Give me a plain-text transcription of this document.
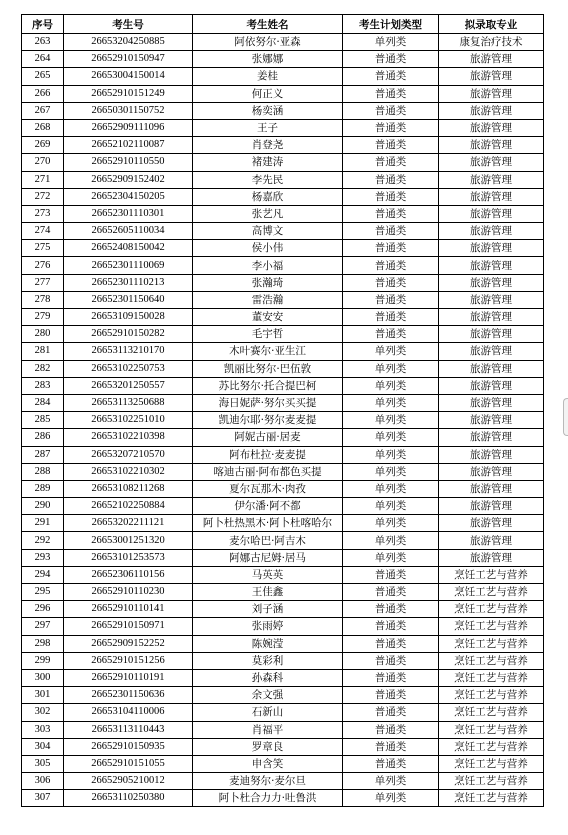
序号	考生号	考生姓名	考生计划类型	拟录取专业
263	26653204250885	阿依努尔·亚森	单列类	康复治疗技术
264	26652910150947	张娜娜	普通类	旅游管理
265	26653004150014	姜桂	普通类	旅游管理
266	26652910151249	何正义	普通类	旅游管理
267	26650301150752	杨奕涵	普通类	旅游管理
268	26652909111096	王子	普通类	旅游管理
269	26652102110087	肖登尧	普通类	旅游管理
270	26652910110550	褚建涛	普通类	旅游管理
271	26652909152402	李先民	普通类	旅游管理
272	26652304150205	杨嘉欣	普通类	旅游管理
273	26652301110301	张艺凡	普通类	旅游管理
274	26652605110034	高博文	普通类	旅游管理
275	26652408150042	侯小伟	普通类	旅游管理
276	26652301110069	李小福	普通类	旅游管理
277	26652301110213	张瀚琦	普通类	旅游管理
278	26652301150640	雷浩瀚	普通类	旅游管理
279	26653109150028	董安安	普通类	旅游管理
280	26652910150282	毛宇哲	普通类	旅游管理
281	26653113210170	木叶赛尔·亚生江	单列类	旅游管理
282	26653102250753	凯丽比努尔·巴伍敦	单列类	旅游管理
283	26653201250557	苏比努尔·托合提巴柯	单列类	旅游管理
284	26653113250688	海日妮萨·努尔买买提	单列类	旅游管理
285	26653102251010	凯迪尔耶·努尔麦麦提	单列类	旅游管理
286	26653102210398	阿妮古丽·居麦	单列类	旅游管理
287	26653207210570	阿布杜拉·麦麦提	单列类	旅游管理
288	26653102210302	喀迪古丽·阿布都色买提	单列类	旅游管理
289	26653108211268	夏尔瓦那木·肉孜	单列类	旅游管理
290	26652102250884	伊尔潘·阿不都	单列类	旅游管理
291	26653202211121	阿卜杜热黑木·阿卜杜喀哈尔	单列类	旅游管理
292	26653001251320	麦尔哈巴·阿吉木	单列类	旅游管理
293	26653101253573	阿娜古尼姆·居马	单列类	旅游管理
294	26652306110156	马英英	普通类	烹饪工艺与营养
295	26652910110230	王佳鑫	普通类	烹饪工艺与营养
296	26652910110141	刘子涵	普通类	烹饪工艺与营养
297	26652910150971	张雨婷	普通类	烹饪工艺与营养
298	26652909152252	陈婉滢	普通类	烹饪工艺与营养
299	26652910151256	莫彩利	普通类	烹饪工艺与营养
300	26652910110191	孙森科	普通类	烹饪工艺与营养
301	26652301150636	余文强	普通类	烹饪工艺与营养
302	26653104110006	石新山	普通类	烹饪工艺与营养
303	26653113110443	肖福平	普通类	烹饪工艺与营养
304	26652910150935	罗章良	普通类	烹饪工艺与营养
305	26652910151055	申含笑	普通类	烹饪工艺与营养
306	26652905210012	麦迪努尔·麦尔旦	单列类	烹饪工艺与营养
307	26653110250380	阿卜杜合力力·吐鲁洪	单列类	烹饪工艺与营养
